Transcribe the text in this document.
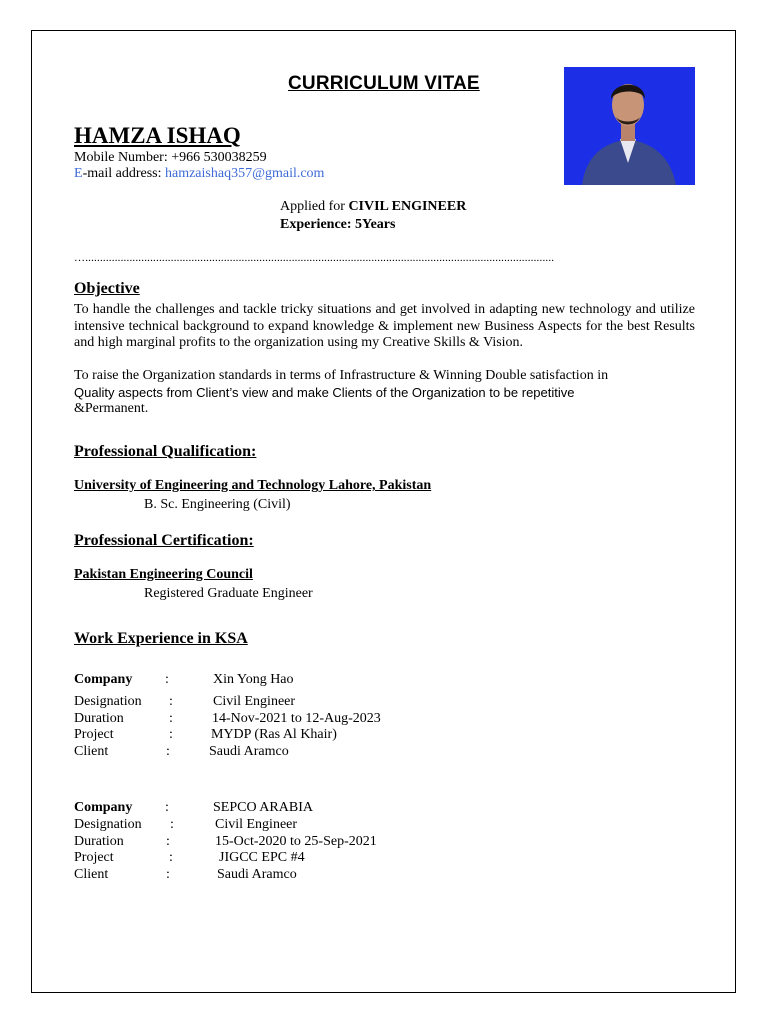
CURRICULUM VITAE
HAMZA ISHAQ
Mobile Number: +966 530038259
E-mail address: hamzaishaq357@gmail.com
Applied for CIVIL ENGINEER
Experience: 5Years
…...............................................................................................................................................................
Objective
To handle the challenges and tackle tricky situations and get involved in adapting new technology and utilize intensive technical background to expand knowledge & implement new Business Aspects for the best Results and high marginal profits to the organization using my Creative Skills & Vision.
To raise the Organization standards in terms of Infrastructure & Winning Double satisfaction in
Quality aspects from Client’s view and make Clients of the Organization to be repetitive
&Permanent.
Professional Qualification:
University of Engineering and Technology Lahore, Pakistan
B. Sc. Engineering (Civil)
Professional Certification:
Pakistan Engineering Council
Registered Graduate Engineer
Work Experience in KSA
Company :	Xin Yong Hao
Designation :	Civil Engineer
Duration	:	14-Nov-2021 to 12-Aug-2023
Project	:	MYDP (Ras Al Khair)
Client	:	Saudi Aramco
Company :	SEPCO ARABIA
Designation :	Civil Engineer
Duration	:	15-Oct-2020 to 25-Sep-2021
Project	:	JIGCC EPC #4
Client	:	Saudi Aramco
